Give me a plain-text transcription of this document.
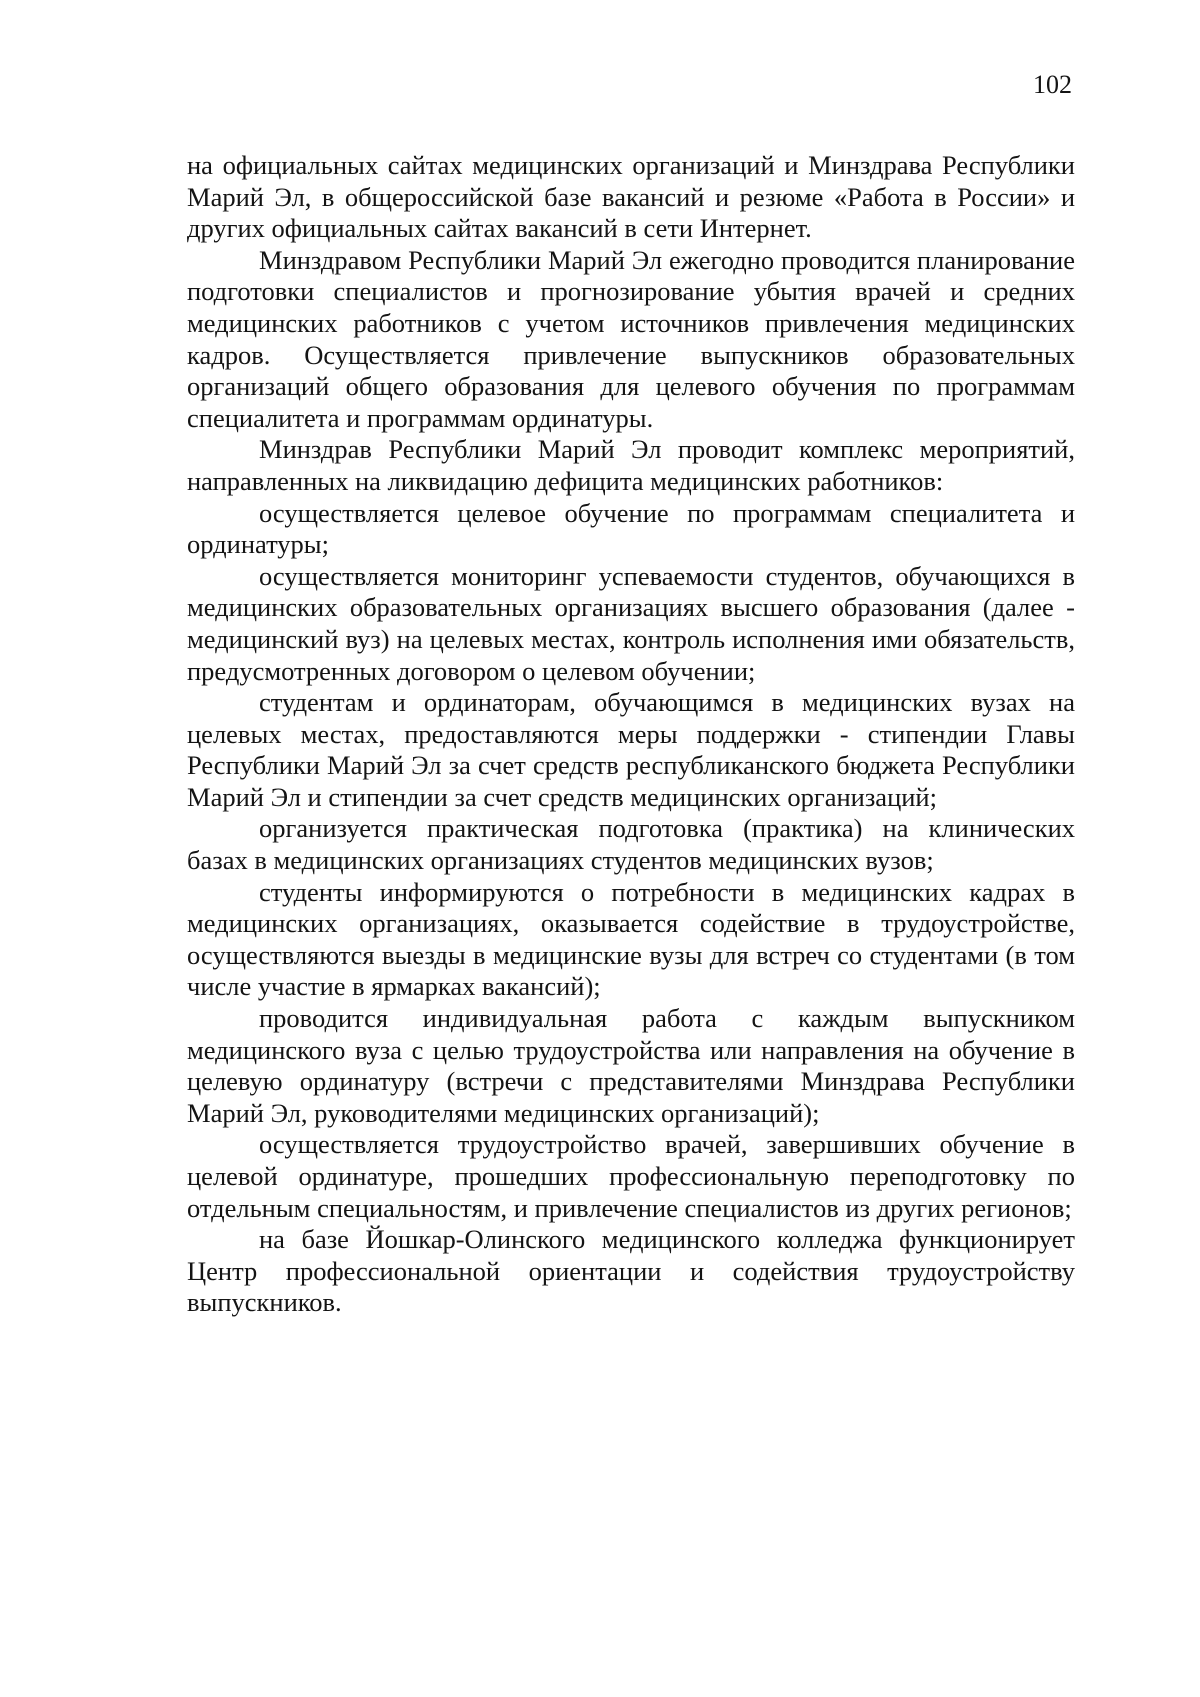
102

на официальных сайтах медицинских организаций и Минздрава Республики Марий Эл, в общероссийской базе вакансий и резюме «Работа в России» и других официальных сайтах вакансий в сети Интернет.

Минздравом Республики Марий Эл ежегодно проводится планирование подготовки специалистов и прогнозирование убытия врачей и средних медицинских работников с учетом источников привлечения медицинских кадров. Осуществляется привлечение выпускников образовательных организаций общего образования для целевого обучения по программам специалитета и программам ординатуры.

Минздрав Республики Марий Эл проводит комплекс мероприятий, направленных на ликвидацию дефицита медицинских работников:

осуществляется целевое обучение по программам специалитета и ординатуры;

осуществляется мониторинг успеваемости студентов, обучающихся в медицинских образовательных организациях высшего образования (далее - медицинский вуз) на целевых местах, контроль исполнения ими обязательств, предусмотренных договором о целевом обучении;

студентам и ординаторам, обучающимся в медицинских вузах на целевых местах, предоставляются меры поддержки - стипендии Главы Республики Марий Эл за счет средств республиканского бюджета Республики Марий Эл и стипендии за счет средств медицинских организаций;

организуется практическая подготовка (практика) на клинических базах в медицинских организациях студентов медицинских вузов;

студенты информируются о потребности в медицинских кадрах в медицинских организациях, оказывается содействие в трудоустройстве, осуществляются выезды в медицинские вузы для встреч со студентами (в том числе участие в ярмарках вакансий);

проводится индивидуальная работа с каждым выпускником медицинского вуза с целью трудоустройства или направления на обучение в целевую ординатуру (встречи с представителями Минздрава Республики Марий Эл, руководителями медицинских организаций);

осуществляется трудоустройство врачей, завершивших обучение в целевой ординатуре, прошедших профессиональную переподготовку по отдельным специальностям, и привлечение специалистов из других регионов;

на базе Йошкар-Олинского медицинского колледжа функционирует Центр профессиональной ориентации и содействия трудоустройству выпускников.
